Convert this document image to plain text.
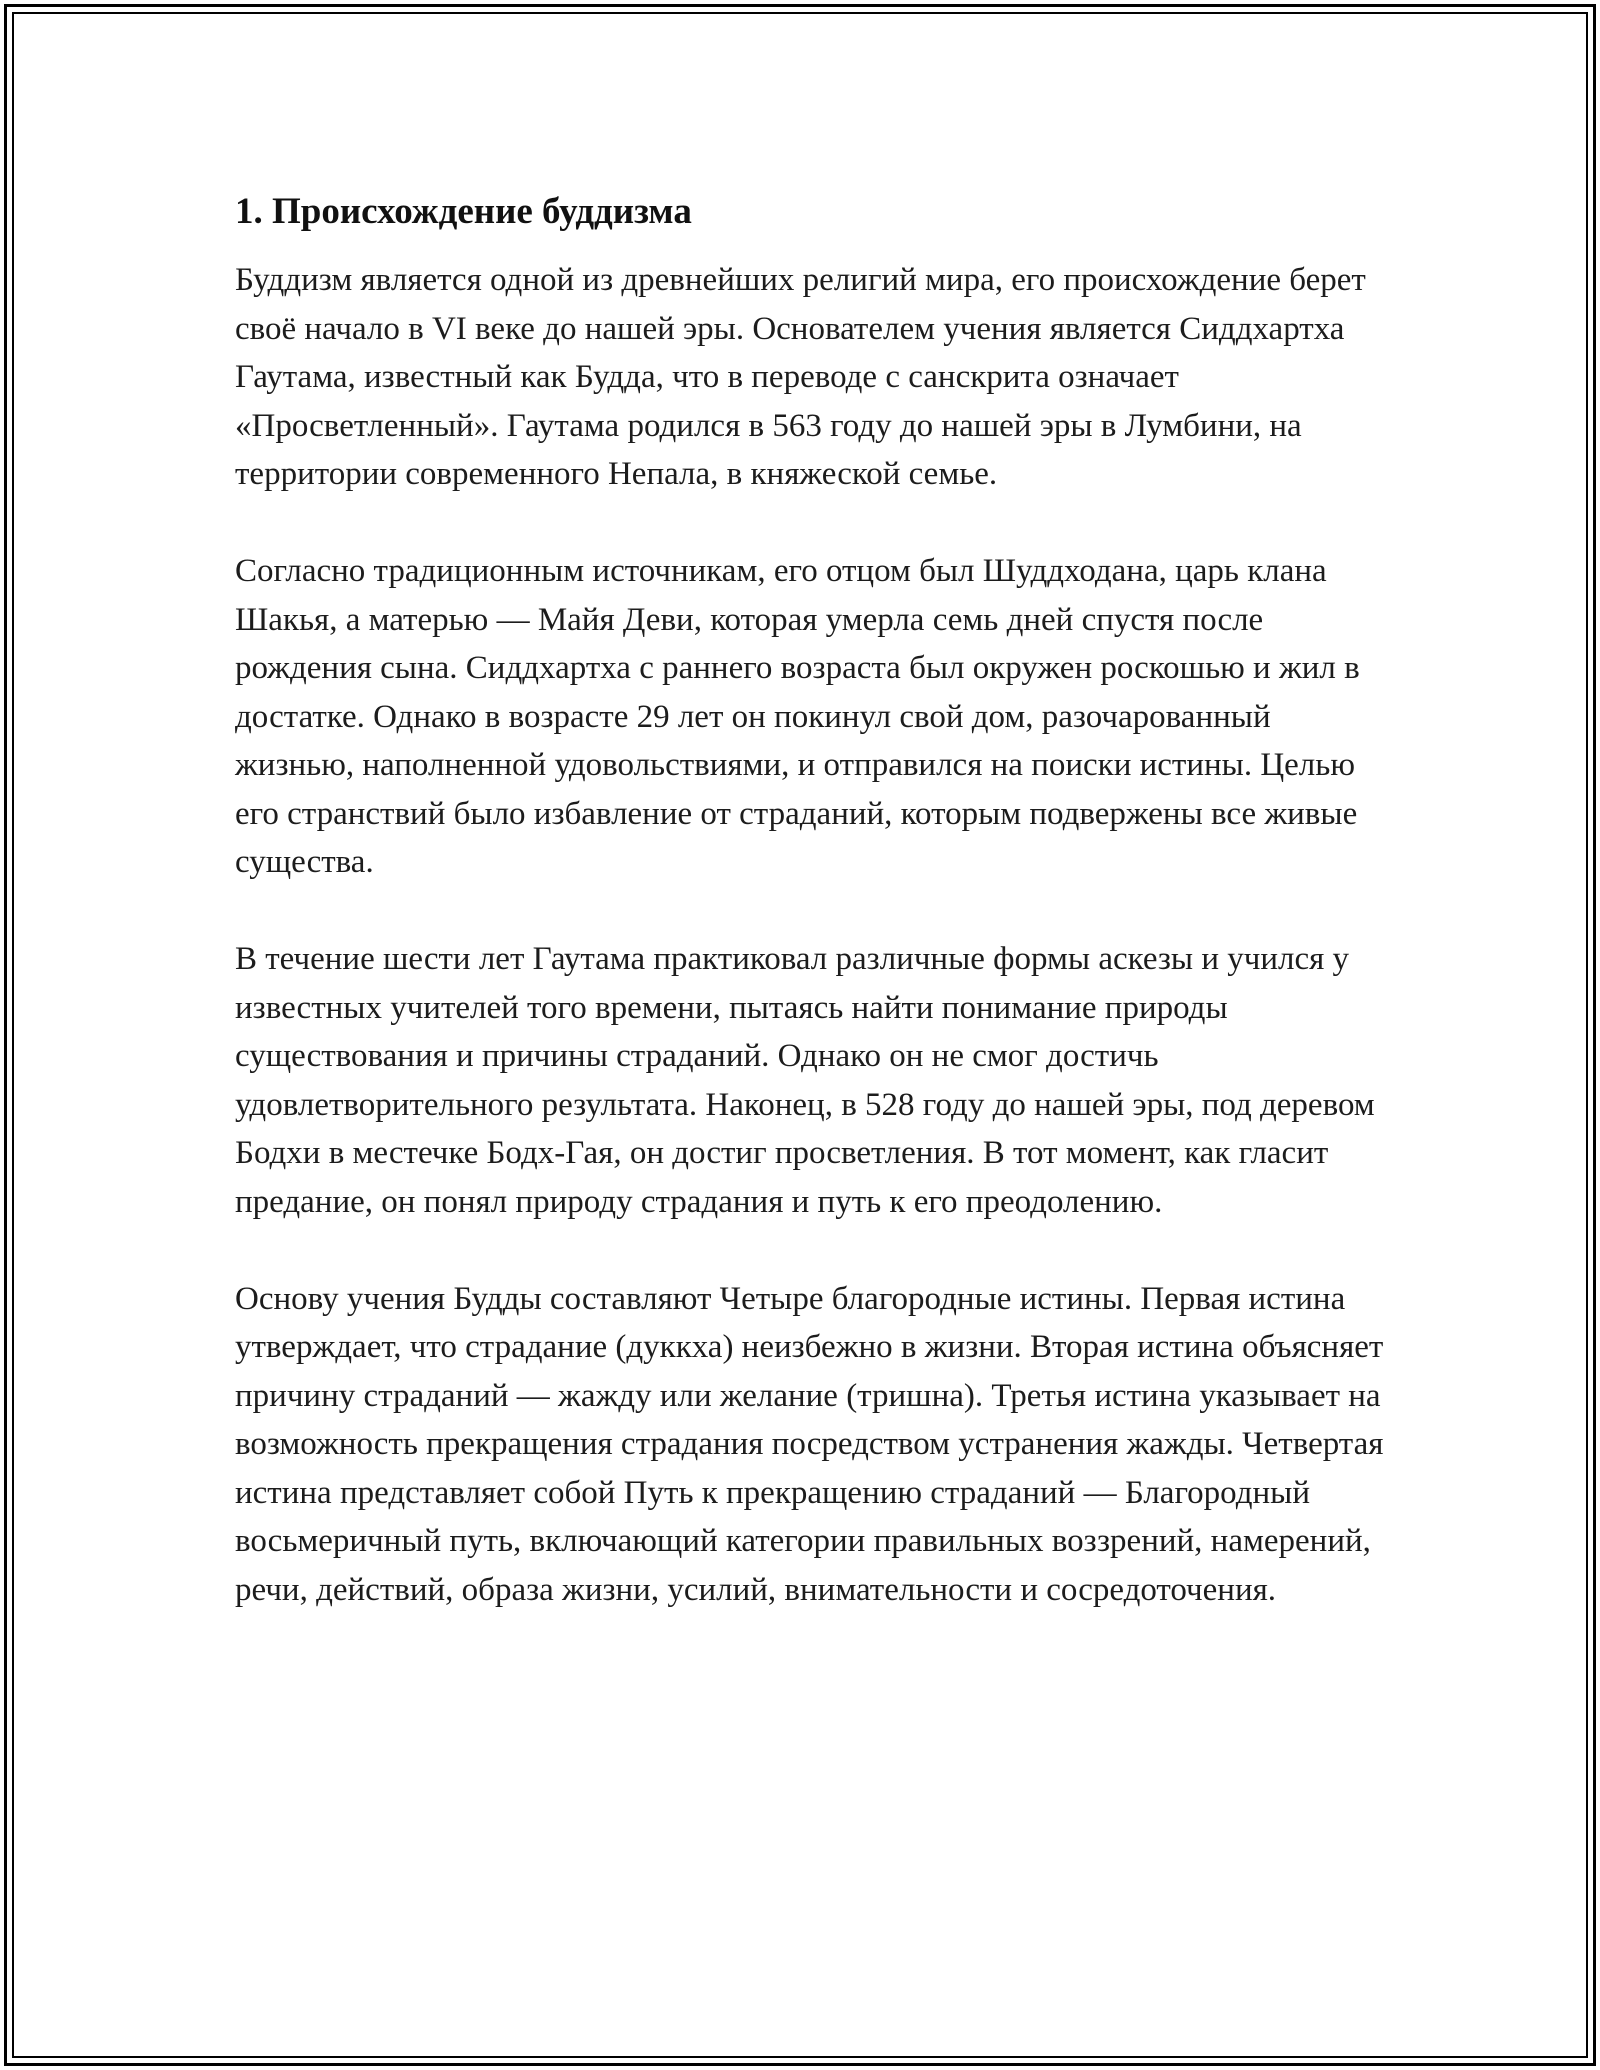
1. Происхождение буддизма

Буддизм является одной из древнейших религий мира, его происхождение берет своё начало в VI веке до нашей эры. Основателем учения является Сиддхартха Гаутама, известный как Будда, что в переводе с санскрита означает «Просветленный». Гаутама родился в 563 году до нашей эры в Лумбини, на территории современного Непала, в княжеской семье.

Согласно традиционным источникам, его отцом был Шуддходана, царь клана Шакья, а матерью — Майя Деви, которая умерла семь дней спустя после рождения сына. Сиддхартха с раннего возраста был окружен роскошью и жил в достатке. Однако в возрасте 29 лет он покинул свой дом, разочарованный жизнью, наполненной удовольствиями, и отправился на поиски истины. Целью его странствий было избавление от страданий, которым подвержены все живые существа.

В течение шести лет Гаутама практиковал различные формы аскезы и учился у известных учителей того времени, пытаясь найти понимание природы существования и причины страданий. Однако он не смог достичь удовлетворительного результата. Наконец, в 528 году до нашей эры, под деревом Бодхи в местечке Бодх-Гая, он достиг просветления. В тот момент, как гласит предание, он понял природу страдания и путь к его преодолению.

Основу учения Будды составляют Четыре благородные истины. Первая истина утверждает, что страдание (дуккха) неизбежно в жизни. Вторая истина объясняет причину страданий — жажду или желание (тришна). Третья истина указывает на возможность прекращения страдания посредством устранения жажды. Четвертая истина представляет собой Путь к прекращению страданий — Благородный восьмеричный путь, включающий категории правильных воззрений, намерений, речи, действий, образа жизни, усилий, внимательности и сосредоточения.
